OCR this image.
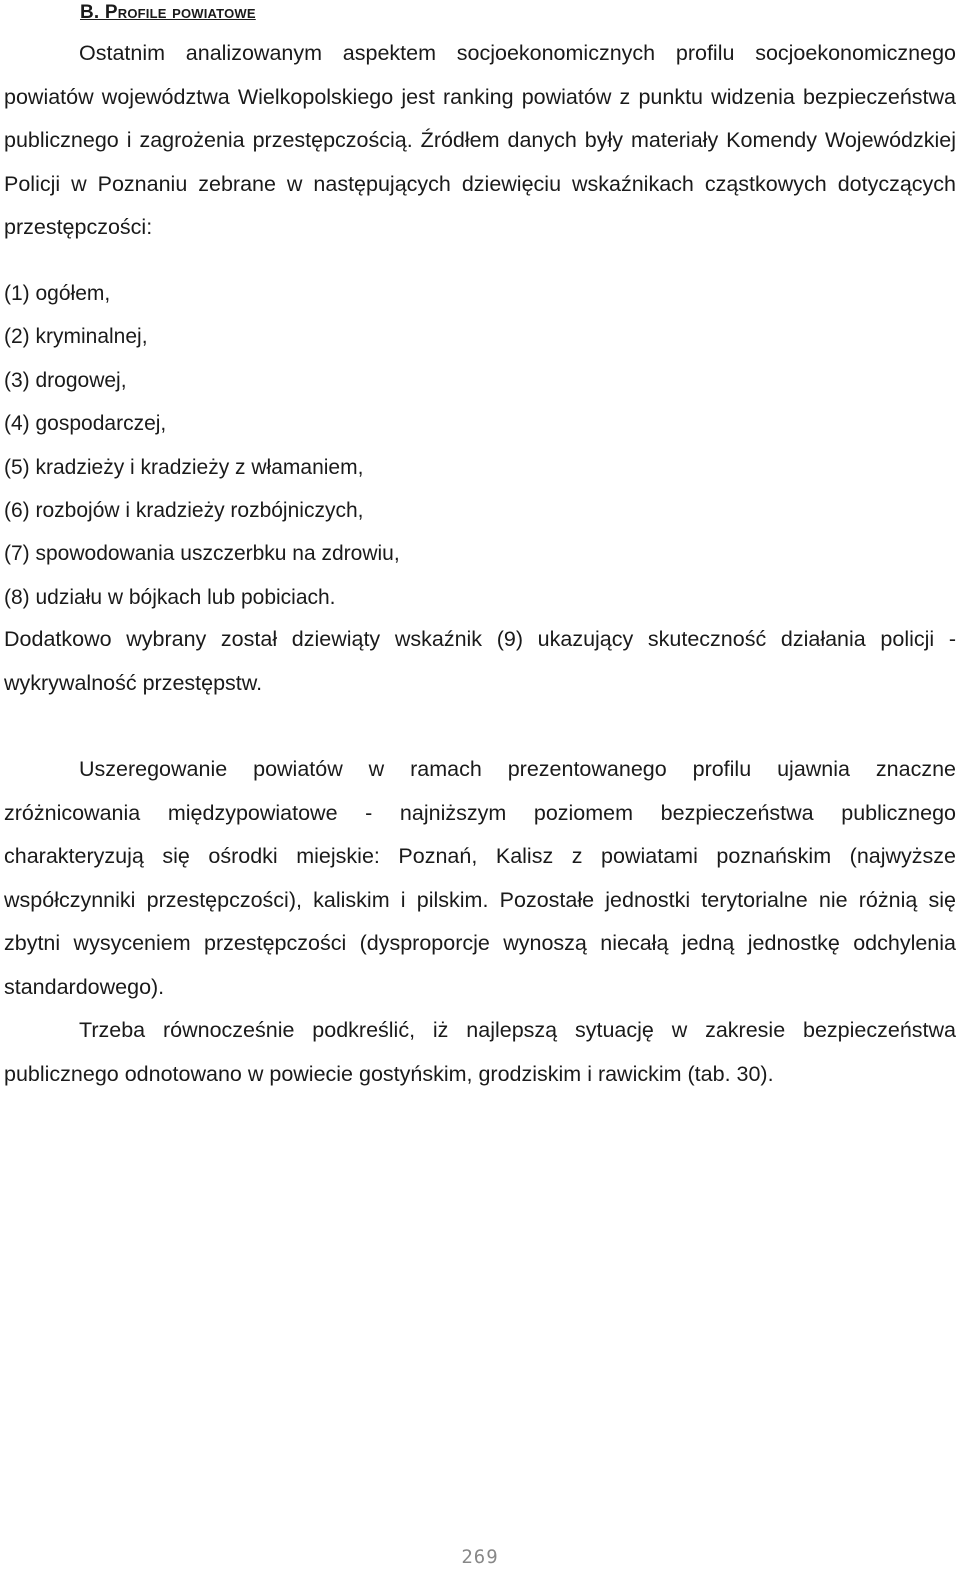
B. Profile powiatowe

Ostatnim analizowanym aspektem socjoekonomicznych profilu socjoekonomicznego powiatów województwa Wielkopolskiego jest ranking powiatów z punktu widzenia bezpieczeństwa publicznego i zagrożenia przestępczością. Źródłem danych były materiały Komendy Wojewódzkiej Policji w Poznaniu zebrane w następujących dziewięciu wskaźnikach cząstkowych dotyczących przestępczości:

(1) ogółem,
(2) kryminalnej,
(3) drogowej,
(4) gospodarczej,
(5) kradzieży i kradzieży z włamaniem,
(6) rozbojów i kradzieży rozbójniczych,
(7) spowodowania uszczerbku na zdrowiu,
(8) udziału w bójkach lub pobiciach.

Dodatkowo wybrany został dziewiąty wskaźnik (9) ukazujący skuteczność działania policji - wykrywalność przestępstw.

Uszeregowanie powiatów w ramach prezentowanego profilu ujawnia znaczne zróżnicowania międzypowiatowe - najniższym poziomem bezpieczeństwa publicznego charakteryzują się ośrodki miejskie: Poznań, Kalisz z powiatami poznańskim (najwyższe współczynniki przestępczości), kaliskim i pilskim. Pozostałe jednostki terytorialne nie różnią się zbytni wysyceniem przestępczości (dysproporcje wynoszą niecałą jedną jednostkę odchylenia standardowego).

Trzeba równocześnie podkreślić, iż najlepszą sytuację w zakresie bezpieczeństwa publicznego odnotowano w powiecie gostyńskim, grodziskim i rawickim (tab. 30).

269
